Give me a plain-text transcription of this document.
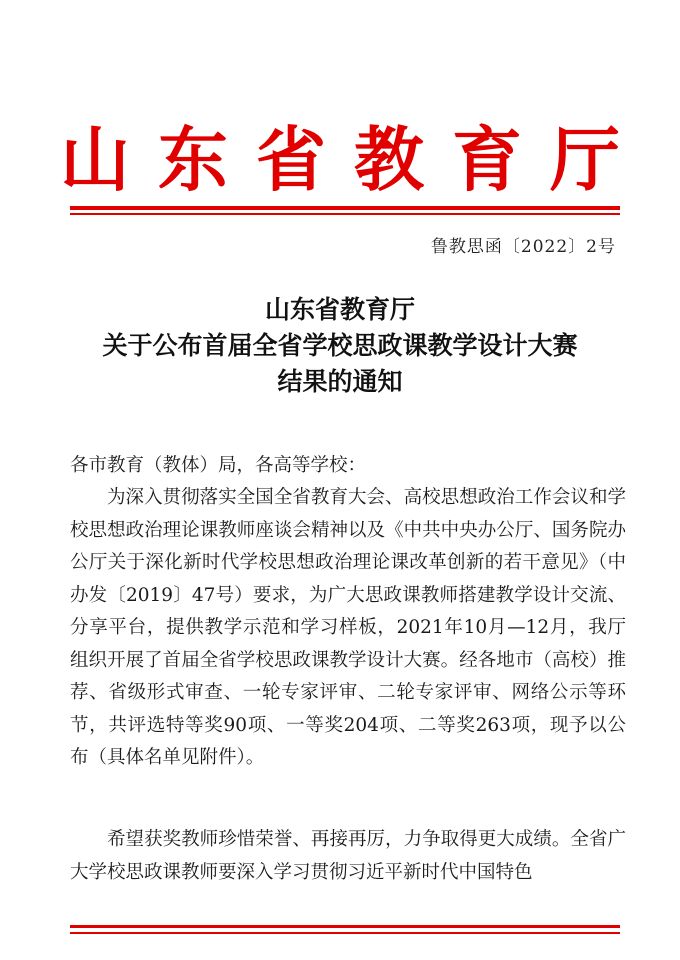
山 东 省 教 育 厅
鲁教思函〔2022〕2号
山东省教育厅
关于公布首届全省学校思政课教学设计大赛
结果的通知
各市教育（教体）局，各高等学校：

为深入贯彻落实全国全省教育大会、高校思想政治工作会议和学校思想政治理论课教师座谈会精神以及《中共中央办公厅、国务院办公厅关于深化新时代学校思想政治理论课改革创新的若干意见》（中办发〔2019〕47号）要求，为广大思政课教师搭建教学设计交流、分享平台，提供教学示范和学习样板，2021年10月—12月，我厅组织开展了首届全省学校思政课教学设计大赛。经各地市（高校）推荐、省级形式审查、一轮专家评审、二轮专家评审、网络公示等环节，共评选特等奖90项、一等奖204项、二等奖263项，现予以公布（具体名单见附件）。

希望获奖教师珍惜荣誉、再接再厉，力争取得更大成绩。全省广大学校思政课教师要深入学习贯彻习近平新时代中国特色
